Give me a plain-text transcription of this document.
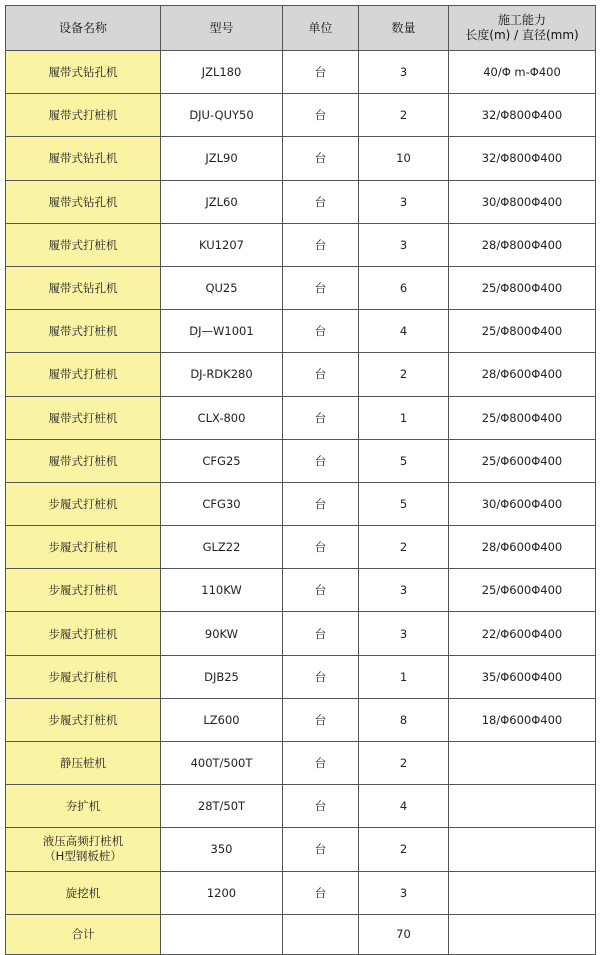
设备名称	型号	单位	数量	施工能力
长度(m) / 直径(mm)

履带式钻孔机	JZL180	台	3	40/Φ m-Φ400

履带式打桩机	DJU-QUY50	台	2	32/Φ800Φ400

履带式钻孔机	JZL90	台	10	32/Φ800Φ400

履带式钻孔机	JZL60	台	3	30/Φ800Φ400

履带式打桩机	KU1207	台	3	28/Φ800Φ400

履带式钻孔机	QU25	台	6	25/Φ800Φ400

履带式打桩机	DJ—W1001	台	4	25/Φ800Φ400

履带式打桩机	DJ-RDK280	台	2	28/Φ600Φ400

履带式打桩机	CLX-800	台	1	25/Φ800Φ400

履带式打桩机	CFG25	台	5	25/Φ600Φ400

步履式打桩机	CFG30	台	5	30/Φ600Φ400

步履式打桩机	GLZ22	台	2	28/Φ600Φ400

步履式打桩机	110KW	台	3	25/Φ600Φ400

步履式打桩机	90KW	台	3	22/Φ600Φ400

步履式打桩机	DJB25	台	1	35/Φ600Φ400

步履式打桩机	LZ600	台	8	18/Φ600Φ400

静压桩机	400T/500T	台	2	

夯扩机	28T/50T	台	4	

液压高频打桩机
（H型钢板桩）	350	台	2	

旋挖机	1200	台	3	
合计			70	
